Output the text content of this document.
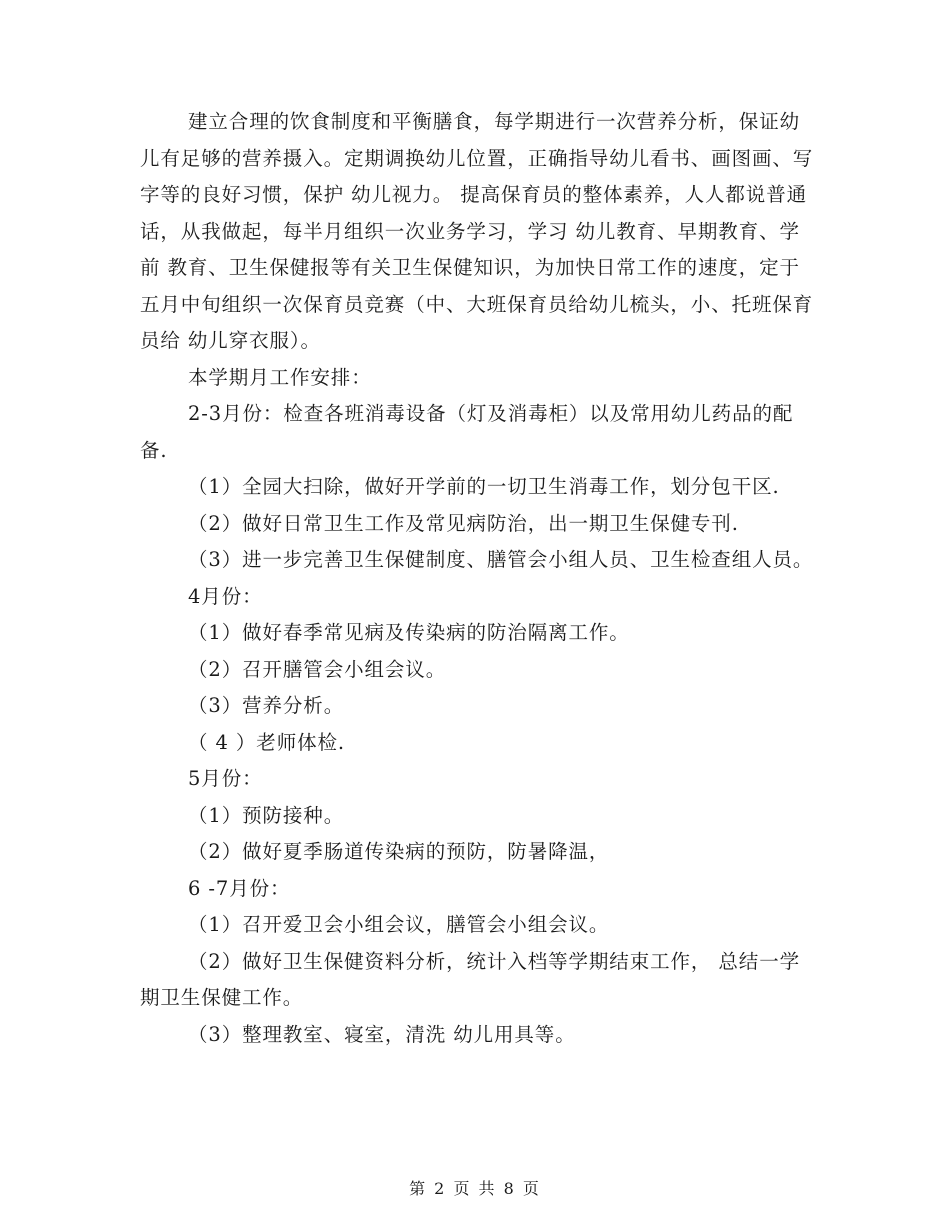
建立合理的饮食制度和平衡膳食，每学期进行一次营养分析，保证幼儿有足够的营养摄入。定期调换幼儿位置，正确指导幼儿看书、画图画、写字等的良好习惯，保护 幼儿视力。 提高保育员的整体素养，人人都说普通话，从我做起，每半月组织一次业务学习，学习 幼儿教育、早期教育、学前 教育、卫生保健报等有关卫生保健知识，为加快日常工作的速度，定于五月中旬组织一次保育员竞赛（中、大班保育员给幼儿梳头，小、托班保育员给 幼儿穿衣服）。

本学期月工作安排：

2-3月份：检查各班消毒设备（灯及消毒柜）以及常用幼儿药品的配备.

（1）全园大扫除，做好开学前的一切卫生消毒工作，划分包干区.

（2）做好日常卫生工作及常见病防治，出一期卫生保健专刊.

（3）进一步完善卫生保健制度、膳管会小组人员、卫生检查组人员。

4月份：

（1）做好春季常见病及传染病的防治隔离工作。

（2）召开膳管会小组会议。

（3）营养分析。

（ 4 ）老师体检.

5月份：

（1）预防接种。

（2）做好夏季肠道传染病的预防，防暑降温，

6 -7月份：

（1）召开爱卫会小组会议，膳管会小组会议。

（2）做好卫生保健资料分析，统计入档等学期结束工作， 总结一学期卫生保健工作。

（3）整理教室、寝室，清洗 幼儿用具等。

第 2 页 共 8 页
